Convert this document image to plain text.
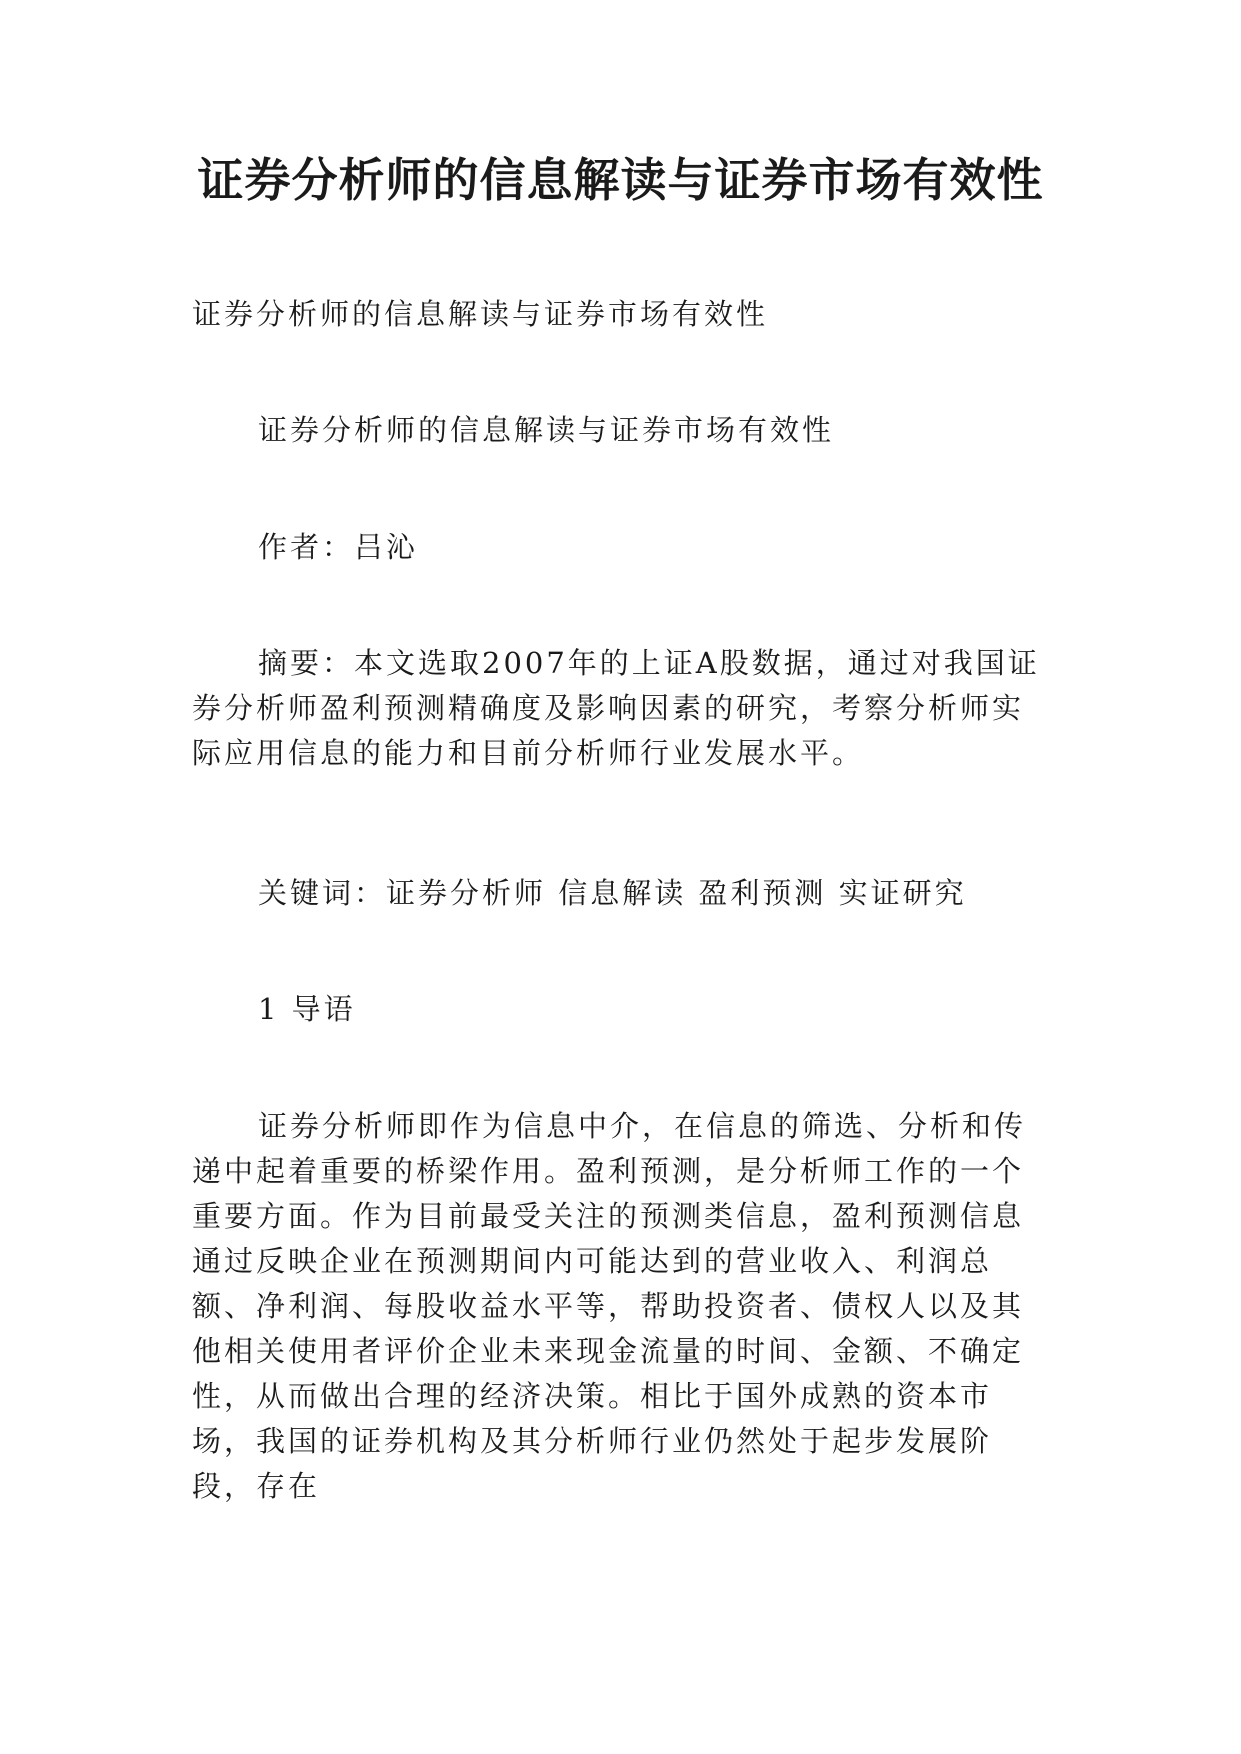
证券分析师的信息解读与证券市场有效性

证券分析师的信息解读与证券市场有效性

证券分析师的信息解读与证券市场有效性

作者：吕沁

摘要：本文选取2007年的上证A股数据，通过对我国证券分析师盈利预测精确度及影响因素的研究，考察分析师实际应用信息的能力和目前分析师行业发展水平。

关键词：证券分析师 信息解读 盈利预测 实证研究

1 导语

证券分析师即作为信息中介，在信息的筛选、分析和传递中起着重要的桥梁作用。盈利预测，是分析师工作的一个重要方面。作为目前最受关注的预测类信息，盈利预测信息通过反映企业在预测期间内可能达到的营业收入、利润总额、净利润、每股收益水平等，帮助投资者、债权人以及其他相关使用者评价企业未来现金流量的时间、金额、不确定性，从而做出合理的经济决策。相比于国外成熟的资本市场，我国的证券机构及其分析师行业仍然处于起步发展阶段，存在
